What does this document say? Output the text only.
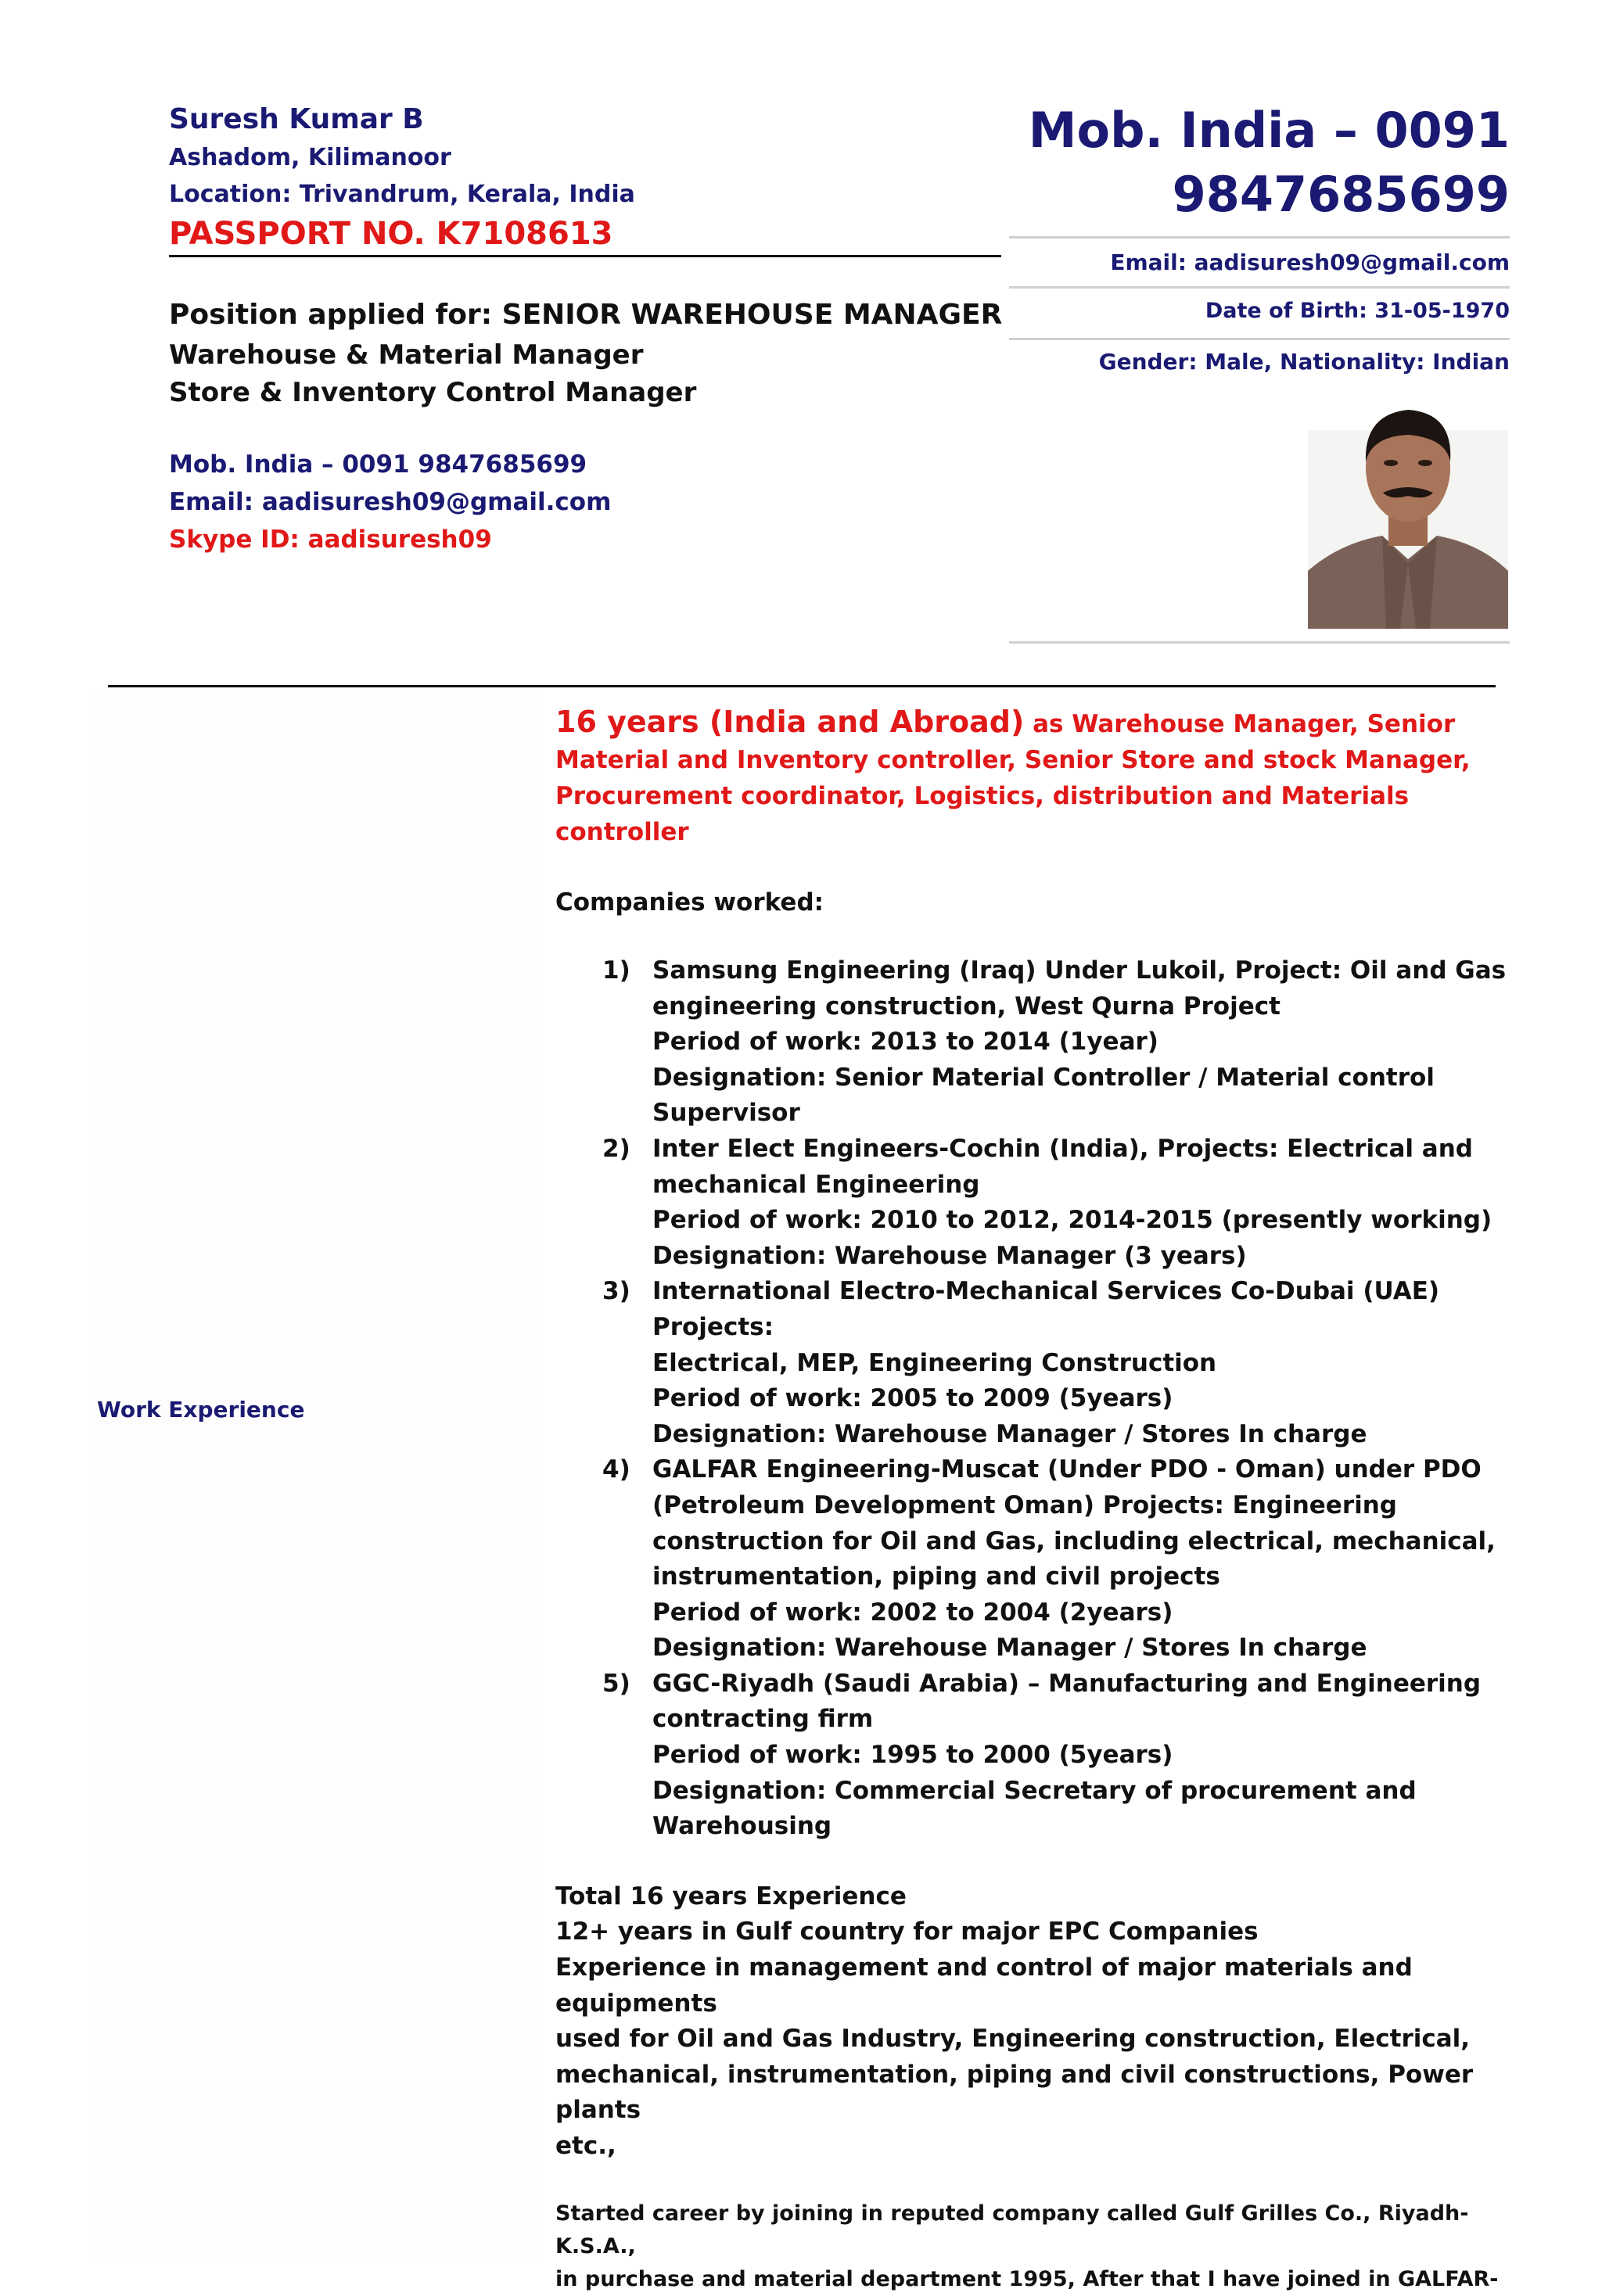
Suresh Kumar B
Ashadom, Kilimanoor
Location: Trivandrum, Kerala, India
PASSPORT NO. K7108613
Position applied for: SENIOR WAREHOUSE MANAGER
Warehouse & Material Manager
Store & Inventory Control Manager
Mob. India – 0091 9847685699
Email: aadisuresh09@gmail.com
Skype ID: aadisuresh09
Mob. India – 0091
9847685699
Email: aadisuresh09@gmail.com
Date of Birth: 31-05-1970
Gender: Male, Nationality: Indian
Work Experience
16 years (India and Abroad) as Warehouse Manager, Senior Material and Inventory controller, Senior Store and stock Manager, Procurement coordinator, Logistics, distribution and Materials controller
Companies worked:
1) Samsung Engineering (Iraq) Under Lukoil, Project: Oil and Gas
engineering construction, West Qurna Project
Period of work: 2013 to 2014 (1year)
Designation: Senior Material Controller / Material control
Supervisor
2) Inter Elect Engineers-Cochin (India), Projects: Electrical and
mechanical Engineering
Period of work: 2010 to 2012, 2014-2015 (presently working)
Designation: Warehouse Manager (3 years)
3) International Electro-Mechanical Services Co-Dubai (UAE) Projects:
Electrical, MEP, Engineering Construction
Period of work: 2005 to 2009 (5years)
Designation: Warehouse Manager / Stores In charge
4) GALFAR Engineering-Muscat (Under PDO - Oman) under PDO
(Petroleum Development Oman) Projects: Engineering
construction for Oil and Gas, including electrical, mechanical,
instrumentation, piping and civil projects
Period of work: 2002 to 2004 (2years)
Designation: Warehouse Manager / Stores In charge
5) GGC-Riyadh (Saudi Arabia) – Manufacturing and Engineering
contracting firm
Period of work: 1995 to 2000 (5years)
Designation: Commercial Secretary of procurement and
Warehousing
Total 16 years Experience
12+ years in Gulf country for major EPC Companies
Experience in management and control of major materials and equipments
used for Oil and Gas Industry, Engineering construction, Electrical,
mechanical, instrumentation, piping and civil constructions, Power plants
etc.,
Started career by joining in reputed company called Gulf Grilles Co., Riyadh-K.S.A.,
in purchase and material department 1995, After that I have joined in GALFAR-
